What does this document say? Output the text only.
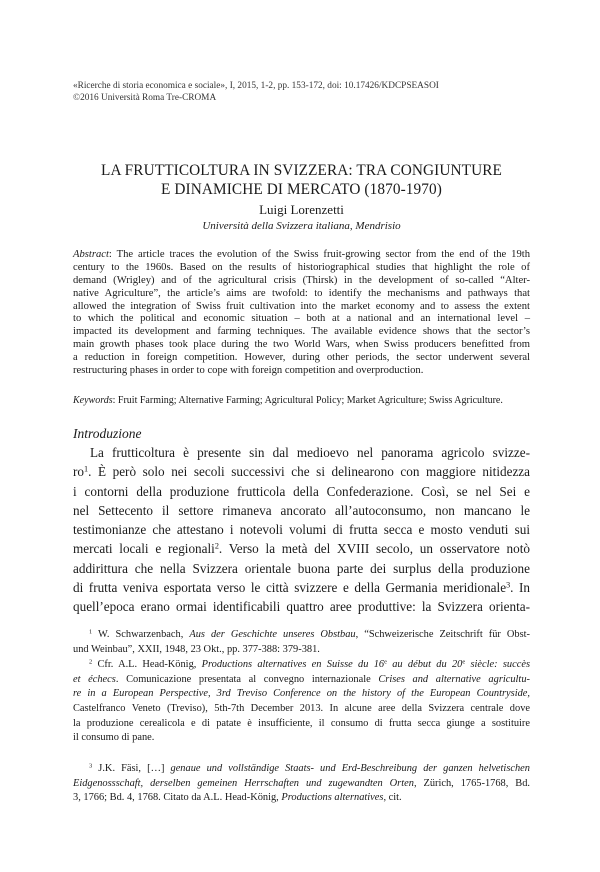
«Ricerche di storia economica e sociale», I, 2015, 1-2, pp. 153-172, doi: 10.17426/KDCPSEASOI
©2016 Università Roma Tre-CROMA
LA FRUTTICOLTURA IN SVIZZERA: TRA CONGIUNTURE
E DINAMICHE DI MERCATO (1870-1970)
Luigi Lorenzetti
Università della Svizzera italiana, Mendrisio
Abstract: The article traces the evolution of the Swiss fruit-growing sector from the end of the 19th
century to the 1960s. Based on the results of historiographical studies that highlight the role of
demand (Wrigley) and of the agricultural crisis (Thirsk) in the development of so-called “Alter-
native Agriculture”, the article’s aims are twofold: to identify the mechanisms and pathways that
allowed the integration of Swiss fruit cultivation into the market economy and to assess the extent
to which the political and economic situation – both at a national and an international level –
impacted its development and farming techniques. The available evidence shows that the sector’s
main growth phases took place during the two World Wars, when Swiss producers benefitted from
a reduction in foreign competition. However, during other periods, the sector underwent several
restructuring phases in order to cope with foreign competition and overproduction.
Keywords: Fruit Farming; Alternative Farming; Agricultural Policy; Market Agriculture; Swiss Agriculture.
Introduzione
La frutticoltura è presente sin dal medioevo nel panorama agricolo svizze-
$ro^1$. È però solo nei secoli successivi che si delinearono con maggiore nitidezza
i contorni della produzione frutticola della Confederazione. Così, se nel Sei e
nel Settecento il settore rimaneva ancorato all’autoconsumo, non mancano le
testimonianze che attestano i notevoli volumi di frutta secca e mosto venduti sui
mercati locali e regionali$^2$. Verso la metà del XVIII secolo, un osservatore notò
addirittura che nella Svizzera orientale buona parte dei surplus della produzione
di frutta veniva esportata verso le città svizzere e della Germania meridionale$^3$. In
quell’epoca erano ormai identificabili quattro aree produttive: la Svizzera orienta-
$^1$ W. Schwarzenbach, Aus der Geschichte unseres Obstbau, “Schweizerische Zeitschrift für Obst-
und Weinbau”, XXII, 1948, 23 Okt., pp. 377-388: 379-381.
$^2$ Cfr. A.L. Head-König, Productions alternatives en Suisse du 16e au début du 20e siècle: succès
et échecs. Comunicazione presentata al convegno internazionale Crises and alternative agricultu-
re in a European Perspective, 3rd Treviso Conference on the history of the European Countryside,
Castelfranco Veneto (Treviso), 5th-7th December 2013. In alcune aree della Svizzera centrale dove
la produzione cerealicola e di patate è insufficiente, il consumo di frutta secca giunge a sostituire
il consumo di pane.
$^3$ J.K. Fäsi, […] genaue und vollständige Staats- und Erd-Beschreibung der ganzen helvetischen
Eidgenossschaft, derselben gemeinen Herrschaften und zugewandten Orten, Zürich, 1765-1768, Bd.
3, 1766; Bd. 4, 1768. Citato da A.L. Head-König, Productions alternatives, cit.
